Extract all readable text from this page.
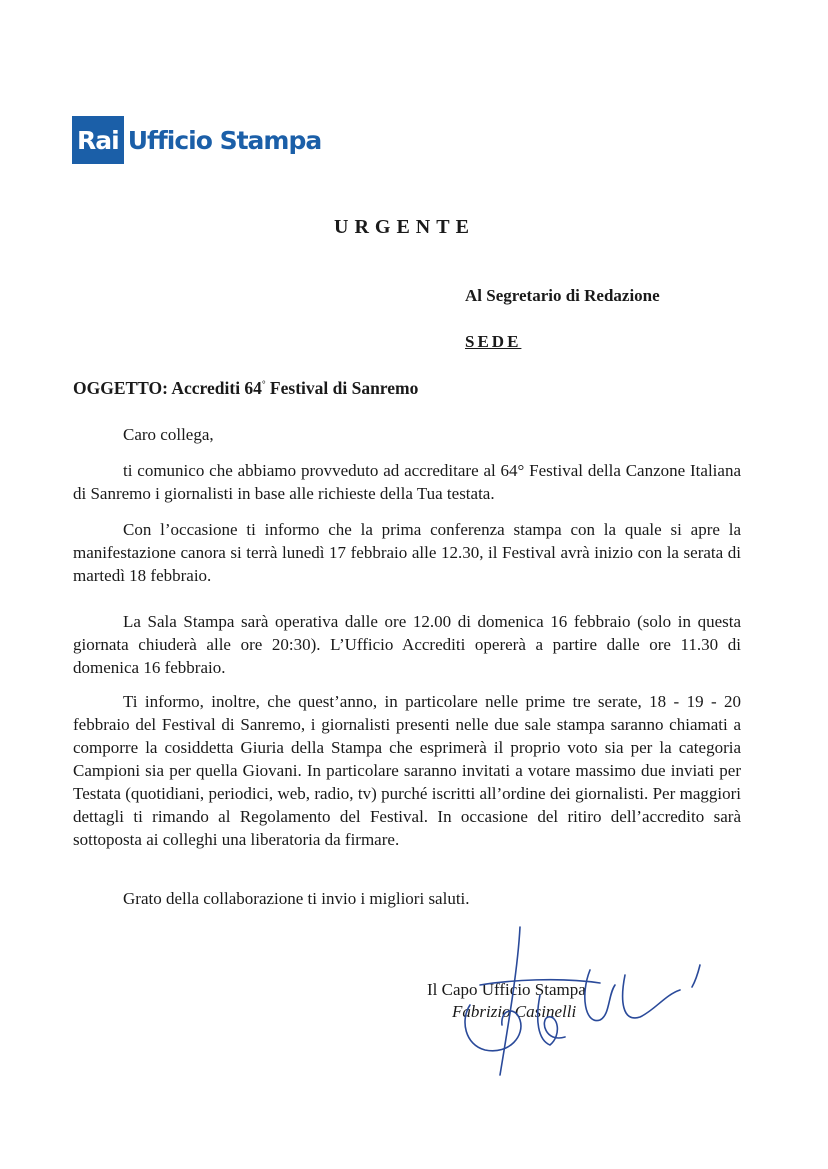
Rai Ufficio Stampa
URGENTE
Al Segretario di Redazione
SEDE
OGGETTO: Accrediti 64° Festival di Sanremo
Caro collega,

ti comunico che abbiamo provveduto ad accreditare al 64° Festival della Canzone Italiana di Sanremo i giornalisti in base alle richieste della Tua testata.

Con l’occasione ti informo che la prima conferenza stampa con la quale si apre la manifestazione canora si terrà lunedì 17 febbraio alle 12.30, il Festival avrà inizio con la serata di martedì 18 febbraio.

La Sala Stampa sarà operativa dalle ore 12.00 di domenica 16 febbraio (solo in questa giornata chiuderà alle ore 20:30). L’Ufficio Accrediti opererà a partire dalle ore 11.30 di domenica 16 febbraio.

Ti informo, inoltre, che quest’anno, in particolare nelle prime tre serate, 18 - 19 - 20 febbraio del Festival di Sanremo, i giornalisti presenti nelle due sale stampa saranno chiamati a comporre la cosiddetta Giuria della Stampa che esprimerà il proprio voto sia per la categoria Campioni sia per quella Giovani. In particolare saranno invitati a votare massimo due inviati per Testata (quotidiani, periodici, web, radio, tv) purché iscritti all’ordine dei giornalisti. Per maggiori dettagli ti rimando al Regolamento del Festival. In occasione del ritiro dell’accredito sarà sottoposta ai colleghi una liberatoria da firmare.

Grato della collaborazione ti invio i migliori saluti.

Il Capo Ufficio Stampa
Fabrizio Casinelli
